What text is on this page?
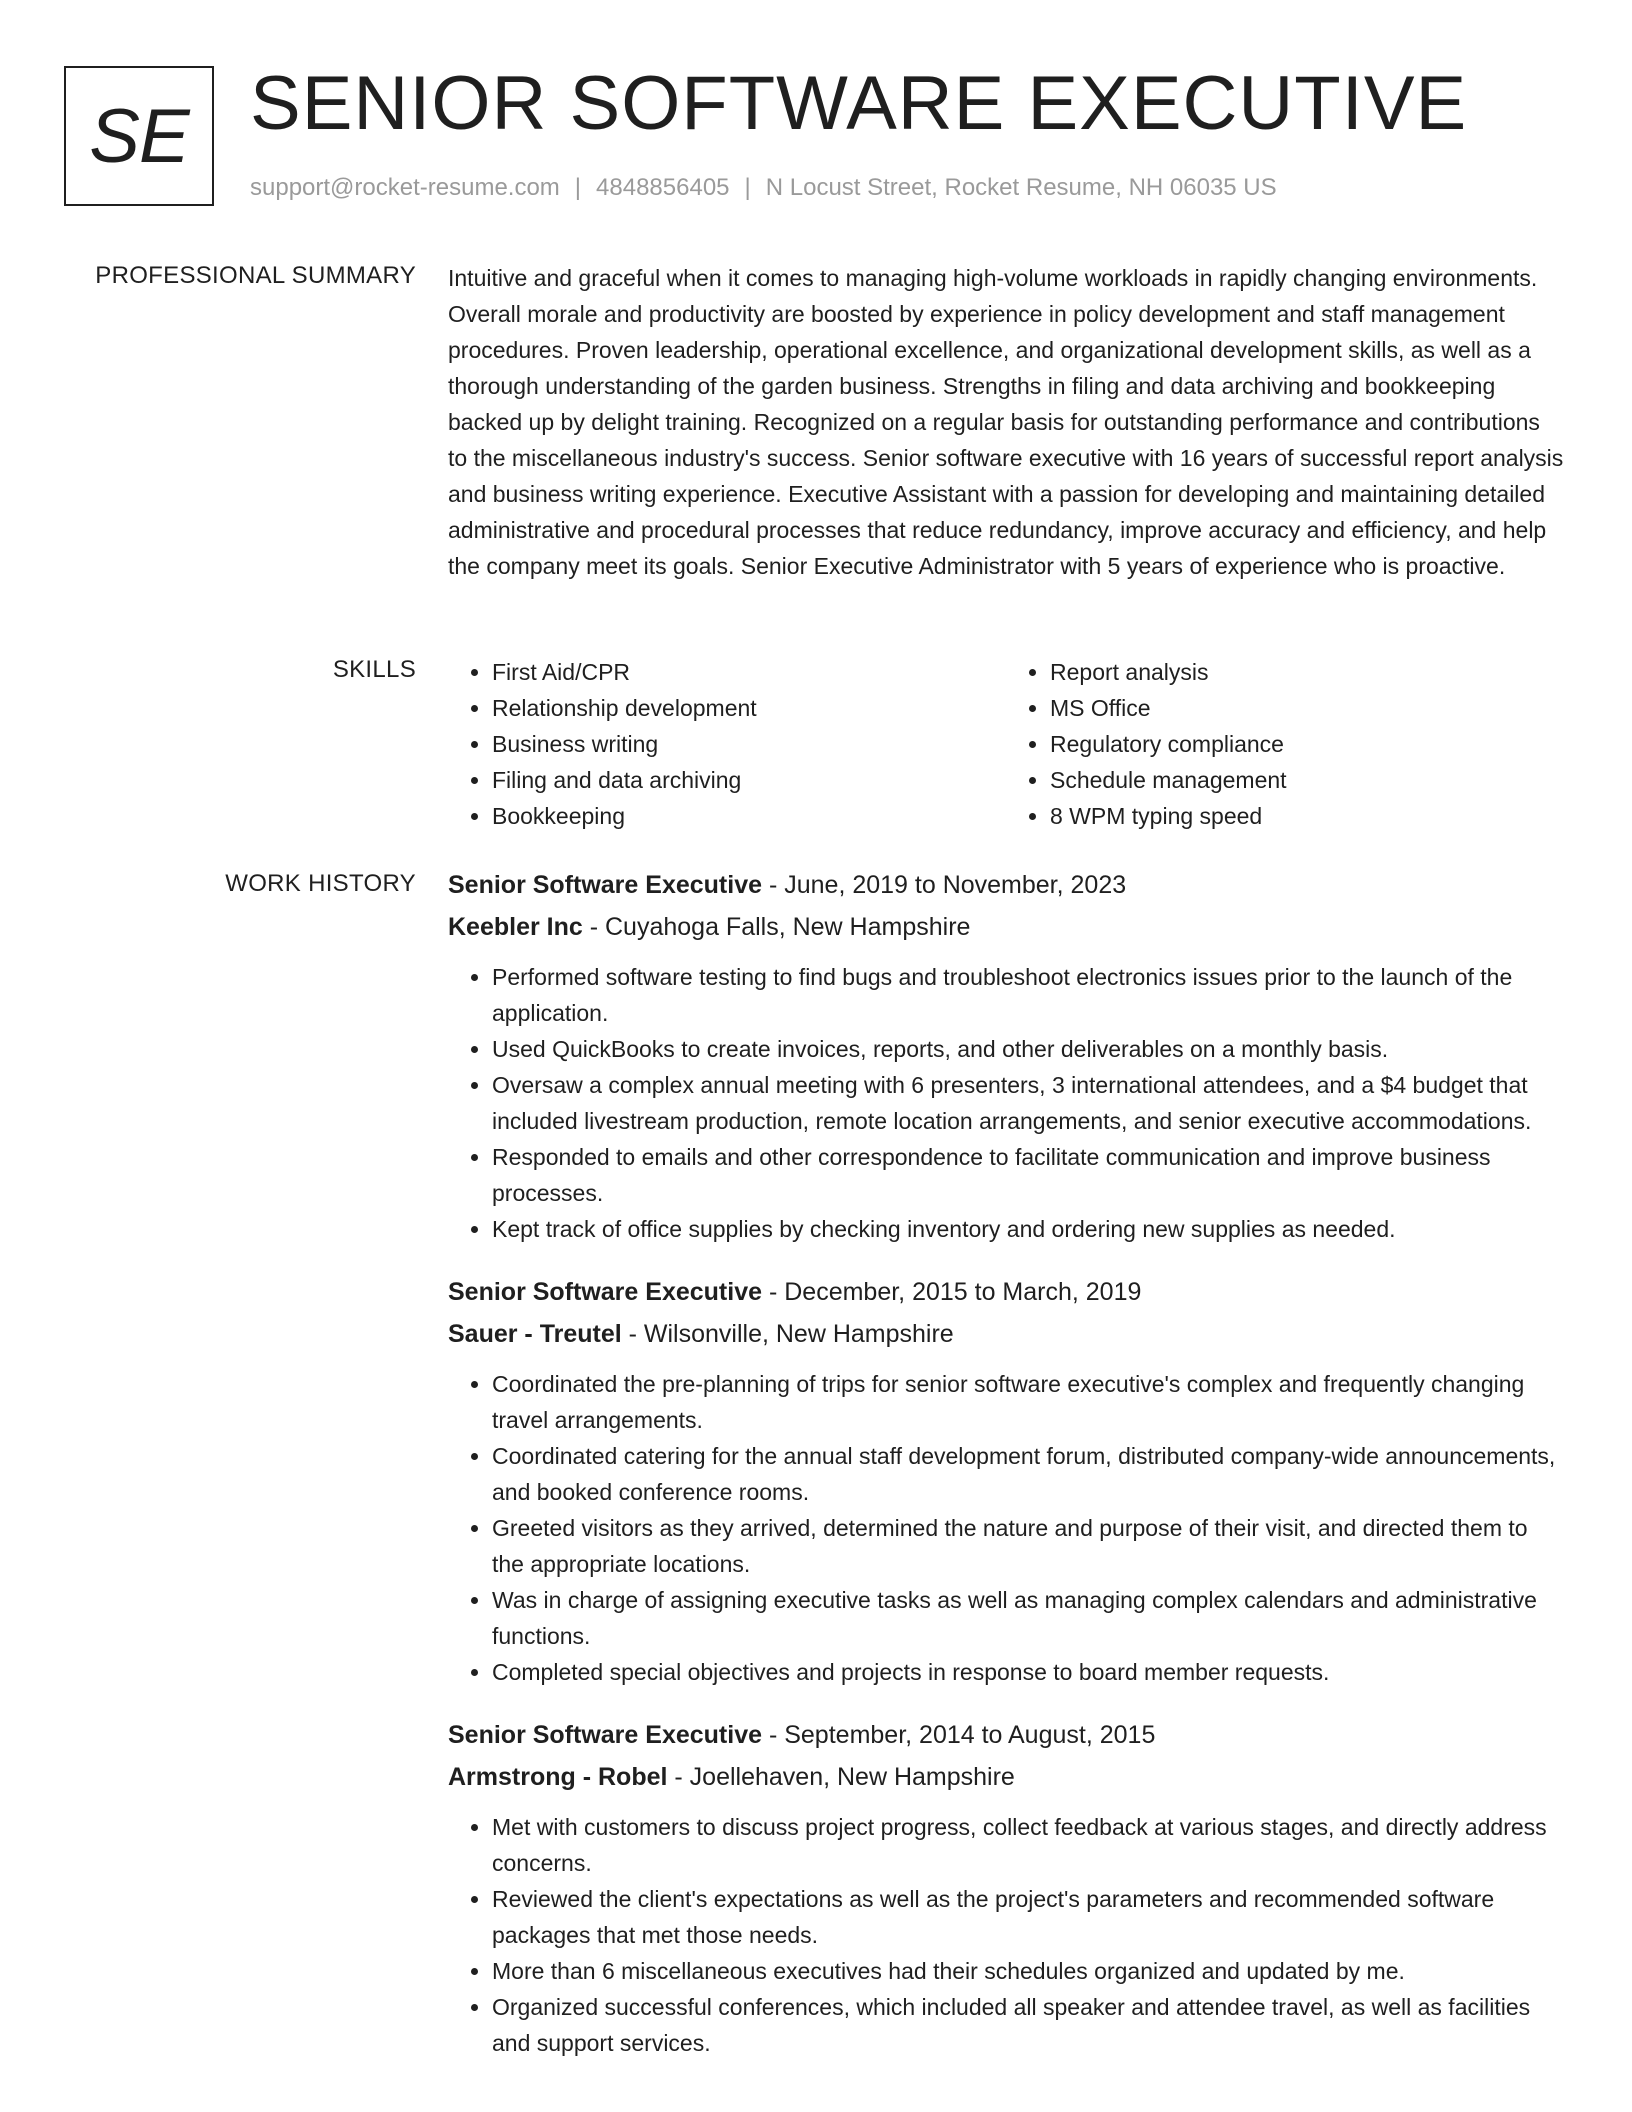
SE SENIOR SOFTWARE EXECUTIVE
support@rocket-resume.com | 4848856405 | N Locust Street, Rocket Resume, NH 06035 US
PROFESSIONAL SUMMARY Intuitive and graceful when it comes to managing high-volume workloads in rapidly changing environments. Overall morale and productivity are boosted by experience in policy development and staff management procedures. Proven leadership, operational excellence, and organizational development skills, as well as a thorough understanding of the garden business. Strengths in filing and data archiving and bookkeeping backed up by delight training. Recognized on a regular basis for outstanding performance and contributions to the miscellaneous industry's success. Senior software executive with 16 years of successful report analysis and business writing experience. Executive Assistant with a passion for developing and maintaining detailed administrative and procedural processes that reduce redundancy, improve accuracy and efficiency, and help the company meet its goals. Senior Executive Administrator with 5 years of experience who is proactive.

SKILLS
•	First Aid/CPR
• Relationship development
• Business writing
• Filing and data archiving
• Bookkeeping
• Report analysis
• MS Office
• Regulatory compliance
• Schedule management
• 8 WPM typing speed
WORK HISTORY Senior Software Executive - June, 2019 to November, 2023
Keebler Inc - Cuyahoga Falls, New Hampshire
• Performed software testing to find bugs and troubleshoot electronics issues prior to the launch of the application.
• Used QuickBooks to create invoices, reports, and other deliverables on a monthly basis.
• Oversaw a complex annual meeting with 6 presenters, 3 international attendees, and a $4 budget that included livestream production, remote location arrangements, and senior executive accommodations.
• Responded to emails and other correspondence to facilitate communication and improve business processes.
• Kept track of office supplies by checking inventory and ordering new supplies as needed.
Senior Software Executive - December, 2015 to March, 2019
Sauer - Treutel - Wilsonville, New Hampshire
• Coordinated the pre-planning of trips for senior software executive's complex and frequently changing travel arrangements.
• Coordinated catering for the annual staff development forum, distributed company-wide announcements, and booked conference rooms.
• Greeted visitors as they arrived, determined the nature and purpose of their visit, and directed them to the appropriate locations.
• Was in charge of assigning executive tasks as well as managing complex calendars and administrative functions.
• Completed special objectives and projects in response to board member requests.
Senior Software Executive - September, 2014 to August, 2015
Armstrong - Robel - Joellehaven, New Hampshire
• Met with customers to discuss project progress, collect feedback at various stages, and directly address concerns.
• Reviewed the client's expectations as well as the project's parameters and recommended software packages that met those needs.
• More than 6 miscellaneous executives had their schedules organized and updated by me.
• Organized successful conferences, which included all speaker and attendee travel, as well as facilities and support services.
